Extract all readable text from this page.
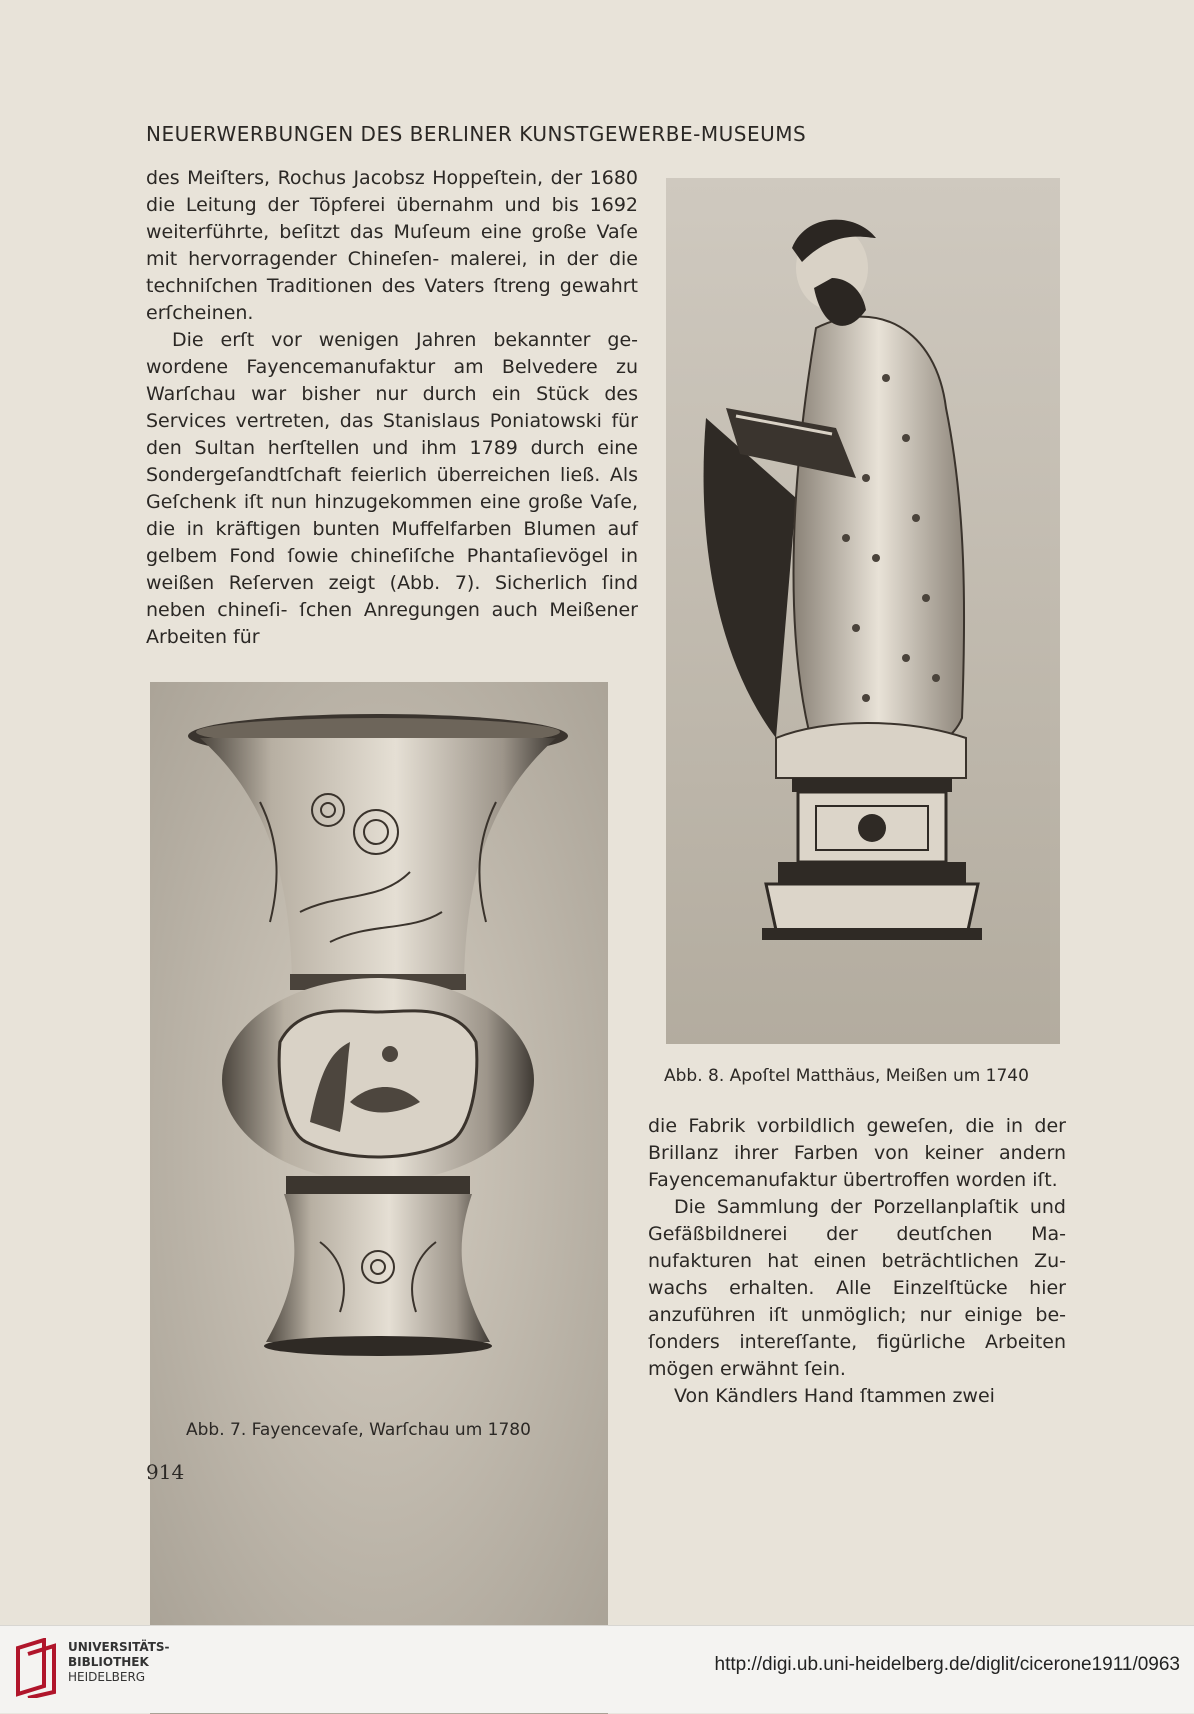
NEUERWERBUNGEN DES BERLINER KUNSTGEWERBE-MUSEUMS

des Meiſters, Rochus Jacobsz Hoppeſtein, der 1680 die Leitung der Töpferei übernahm und bis 1692 weiterführte, beſitzt das Muſeum eine große Vaſe mit hervorragender Chineſen- malerei, in der die techniſchen Traditionen des Vaters ſtreng gewahrt erſcheinen.

Die erſt vor wenigen Jahren bekannter ge- wordene Fayencemanufaktur am Belvedere zu Warſchau war bisher nur durch ein Stück des Services vertreten, das Stanislaus Poniatowski für den Sultan herſtellen und ihm 1789 durch eine Sondergeſandtſchaft feierlich überreichen ließ. Als Geſchenk iſt nun hinzugekommen eine große Vaſe, die in kräftigen bunten Muffelfarben Blumen auf gelbem Fond ſowie chineſiſche Phantaſievögel in weißen Reſerven zeigt (Abb. 7). Sicherlich ſind neben chineſi- ſchen Anregungen auch Meißener Arbeiten für

Abb. 7. Fayencevaſe, Warſchau um 1780
Abb. 8. Apoſtel Matthäus, Meißen um 1740

die Fabrik vorbildlich geweſen, die in der Brillanz ihrer Farben von keiner andern Fayencemanufaktur übertroffen worden iſt.

Die Sammlung der Porzellanplaſtik und Gefäßbildnerei der deutſchen Ma- nufakturen hat einen beträchtlichen Zu- wachs erhalten. Alle Einzelſtücke hier anzuführen iſt unmöglich; nur einige be- ſonders intereſſante, figürliche Arbeiten mögen erwähnt ſein.

Von Kändlers Hand ſtammen zwei

914
UNIVERSITÄTS-
BIBLIOTHEK
HEIDELBERG
http://digi.ub.uni-heidelberg.de/diglit/cicerone1911/0963
